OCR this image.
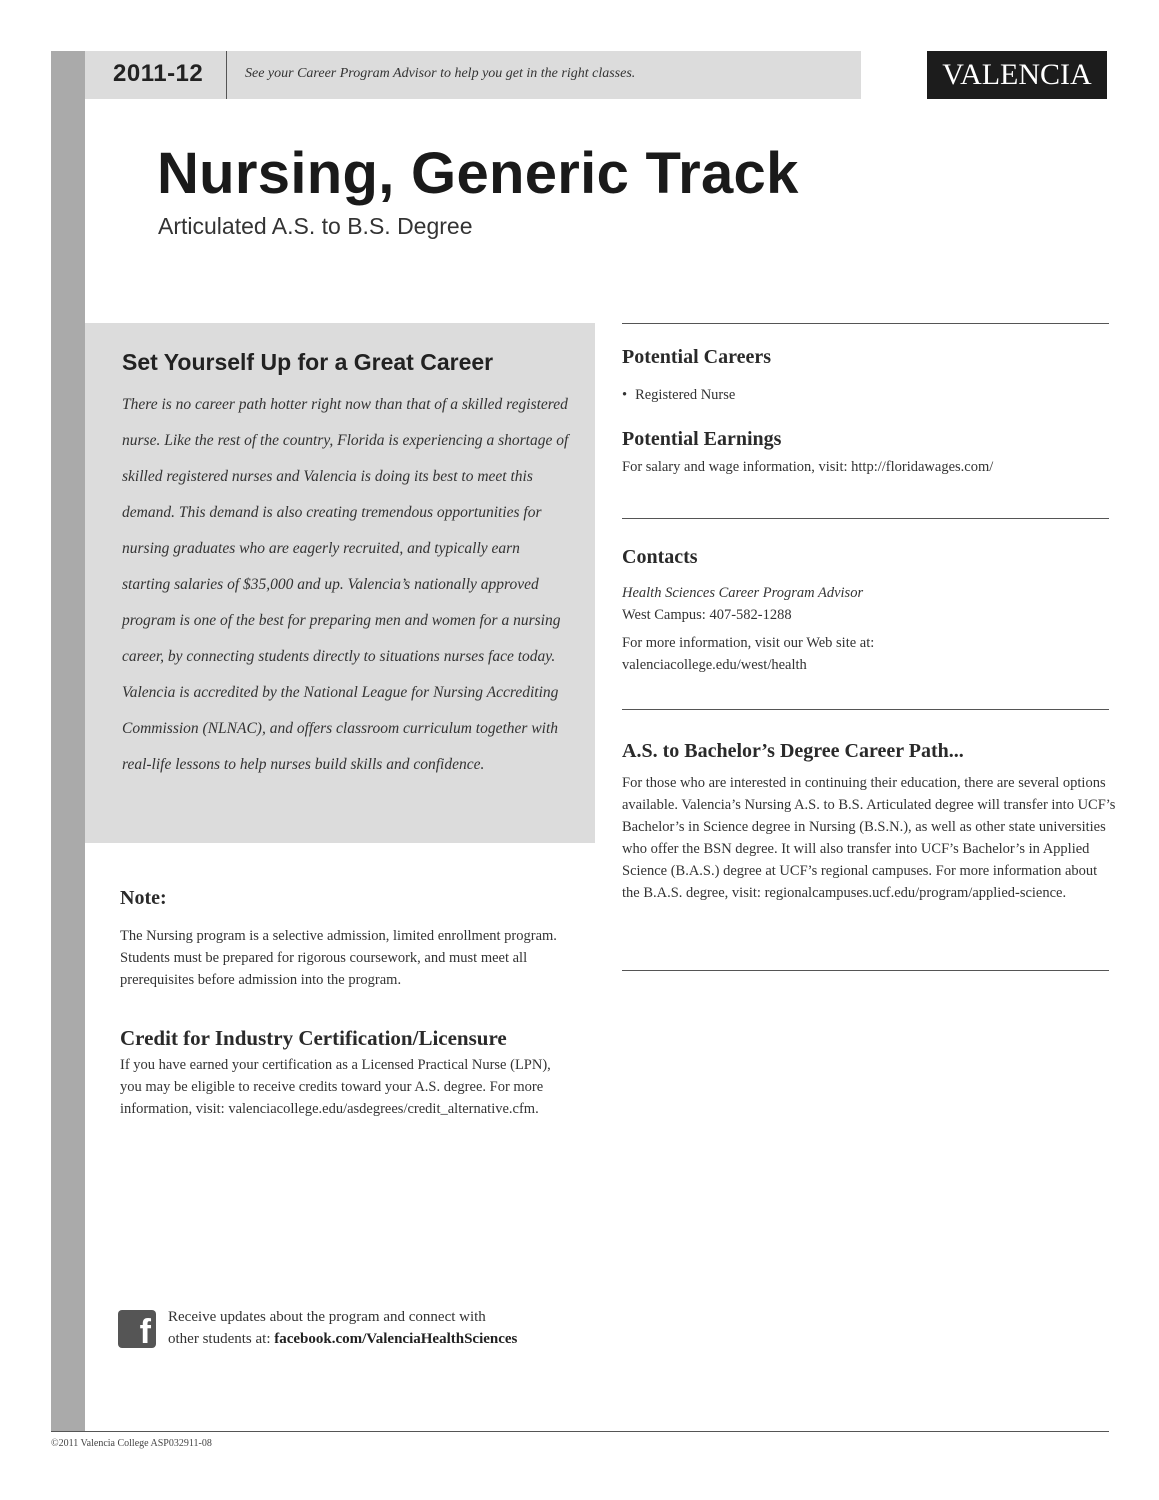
2011-12	See your Career Program Advisor to help you get in the right classes.	VALENCIA
Nursing, Generic Track
Articulated A.S. to B.S. Degree
Set Yourself Up for a Great Career

There is no career path hotter right now than that of a skilled registered nurse. Like the rest of the country, Florida is experiencing a shortage of skilled registered nurses and Valencia is doing its best to meet this demand. This demand is also creating tremendous opportunities for nursing graduates who are eagerly recruited, and typically earn starting salaries of $35,000 and up. Valencia’s nationally approved program is one of the best for preparing men and women for a nursing career, by connecting students directly to situations nurses face today. Valencia is accredited by the National League for Nursing Accrediting Commission (NLNAC), and offers classroom curriculum together with real-life lessons to help nurses build skills and confidence.

Note:
The Nursing program is a selective admission, limited enrollment program. Students must be prepared for rigorous coursework, and must meet all prerequisites before admission into the program.
Credit for Industry Certification/Licensure
If you have earned your certification as a Licensed Practical Nurse (LPN), you may be eligible to receive credits toward your A.S. degree. For more information, visit: valenciacollege.edu/asdegrees/credit_alternative.cfm.
f	Receive updates about the program and connect with
other students at: facebook.com/ValenciaHealthSciences
Potential Careers
• Registered Nurse
Potential Earnings
For salary and wage information, visit: http://floridawages.com/
Contacts
Health Sciences Career Program Advisor
West Campus: 407-582-1288
For more information, visit our Web site at:
valenciacollege.edu/west/health
A.S. to Bachelor’s Degree Career Path...
For those who are interested in continuing their education, there are several options available. Valencia’s Nursing A.S. to B.S. Articulated degree will transfer into UCF’s Bachelor’s in Science degree in Nursing (B.S.N.), as well as other state universities who offer the BSN degree. It will also transfer into UCF’s Bachelor’s in Applied Science (B.A.S.) degree at UCF’s regional campuses. For more information about the B.A.S. degree, visit: regionalcampuses.ucf.edu/program/applied-science.
©2011 Valencia College ASP032911-08
